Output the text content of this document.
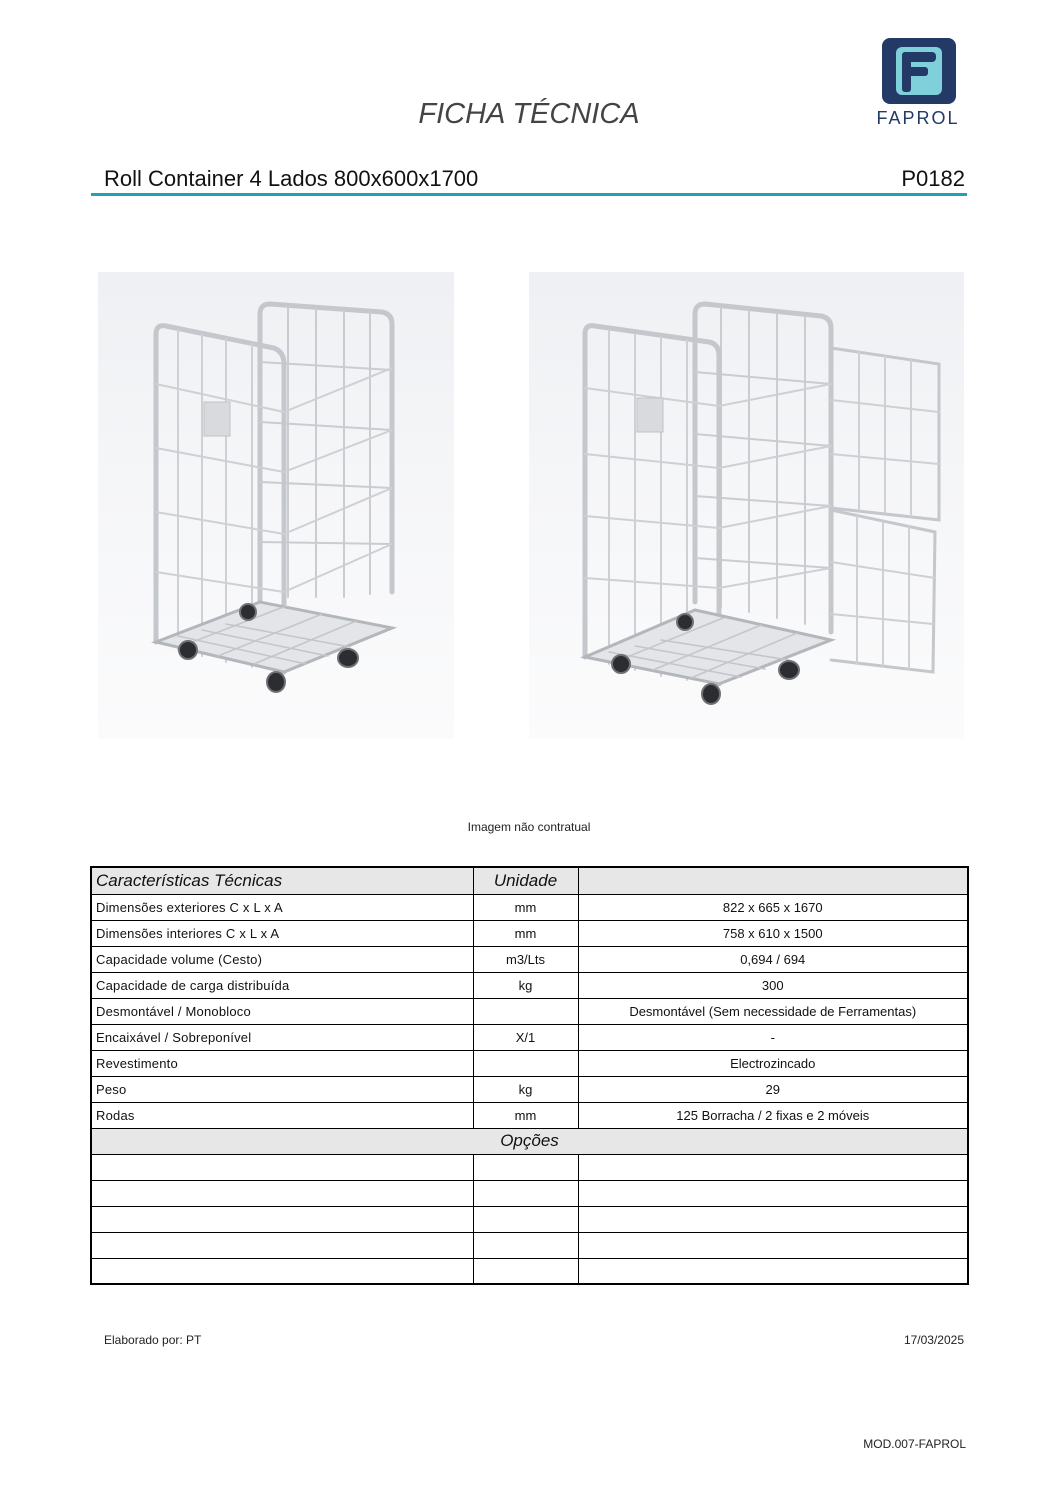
FAPROL
FICHA TÉCNICA
Roll Container 4 Lados 800x600x1700	P0182
Imagem não contratual
Características Técnicas	Unidade	
Dimensões exteriores C x L x A	mm	822 x 665 x 1670
Dimensões interiores C x L x A	mm	758 x 610 x 1500
Capacidade volume (Cesto)	m3/Lts	0,694 / 694
Capacidade de carga distribuída	kg	300
Desmontável / Monobloco		Desmontável (Sem necessidade de Ferramentas)
Encaixável / Sobreponível	X/1	-
Revestimento		Electrozincado
Peso	kg	29
Rodas	mm	125 Borracha / 2 fixas e 2 móveis
Opções		

Elaborado por: PT	17/03/2025
MOD.007-FAPROL
